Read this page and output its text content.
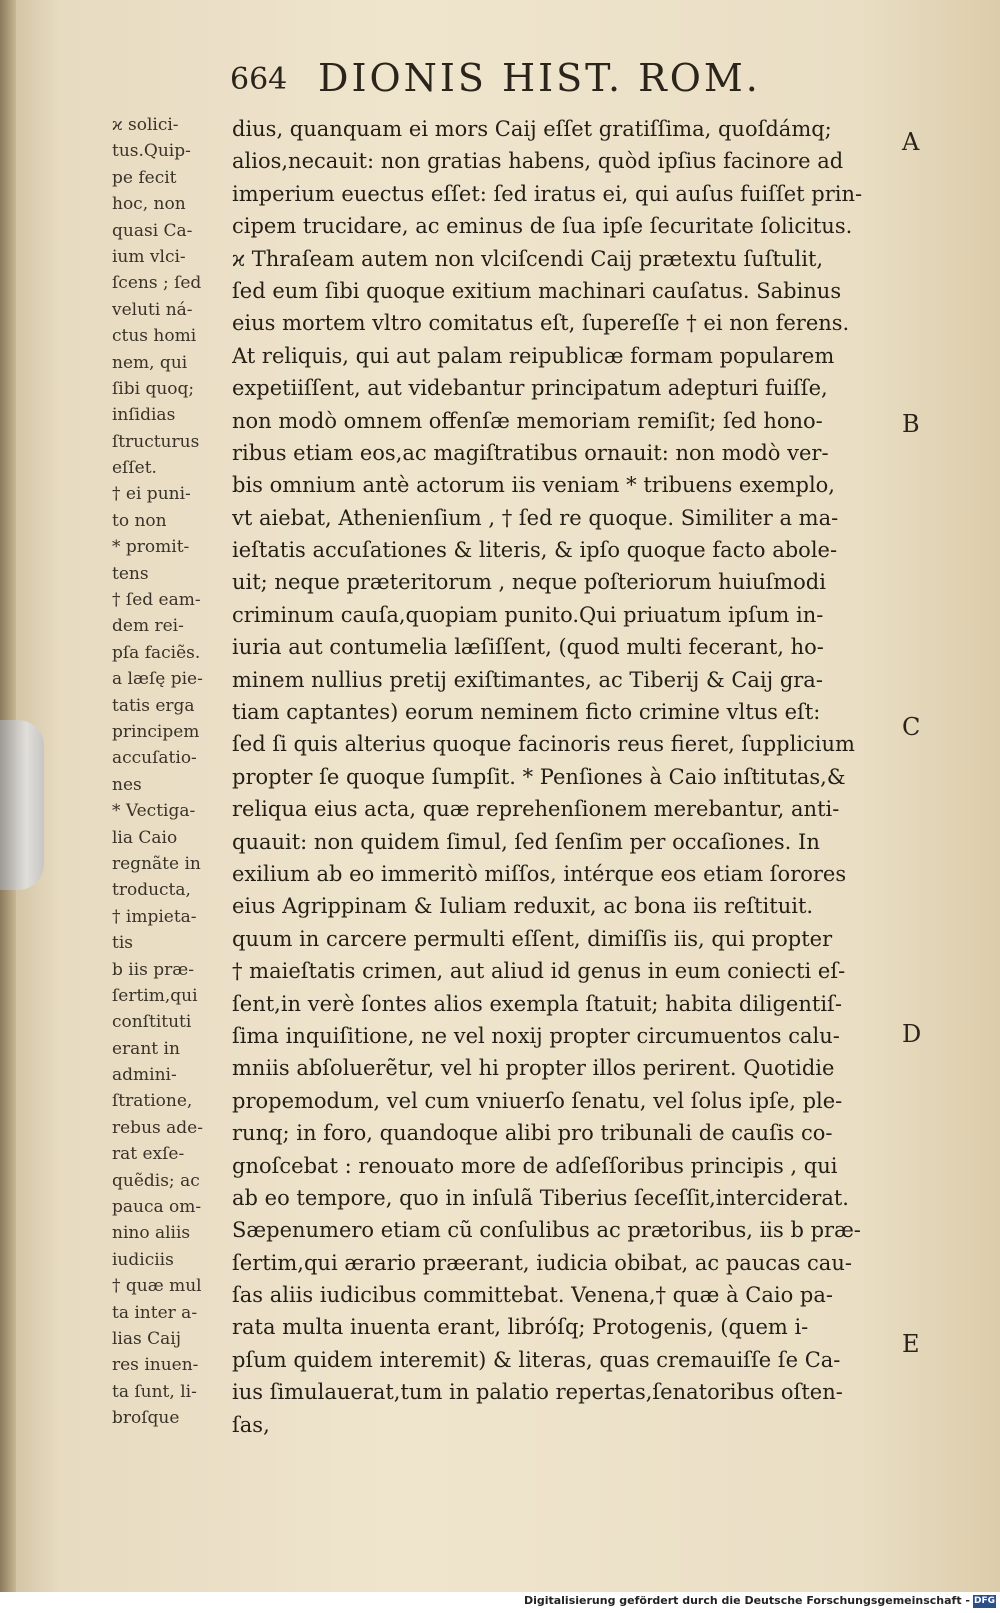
664 DIONIS HIST. ROM.
ϰ solici-
tus.Quip-
pe fecit
hoc, non
quasi Ca-
ium vlci-
ſcens ; ſed
veluti ná-
ctus homi
nem, qui
ſibi quoq;
inſidias
ſtructurus
eſſet.
† ei puni-
to non
* promit-
tens
† ſed eam-
dem rei-
pſa faciẽs.
a læſę pie-
tatis erga
principem
accuſatio-
nes
* Vectiga-
lia Caio
regnãte in
troducta,
† impieta-
tis
b iis præ-
ſertim,qui
conſtituti
erant in
admini-
ſtratione,
rebus ade-
rat exſe-
quẽdis; ac
pauca om-
nino aliis
iudiciis
† quæ mul
ta inter a-
lias Caij
res inuen-
ta ſunt, li-
broſque
dius, quanquam ei mors Caij eſſet gratiſſima, quoſdámq;
alios,necauit: non gratias habens, quòd ipſius facinore ad
imperium euectus eſſet: ſed iratus ei, qui auſus fuiſſet prin-
cipem trucidare, ac eminus de ſua ipſe ſecuritate ſolicitus.
ϰ Thraſeam autem non vlciſcendi Caij prætextu ſuſtulit,
ſed eum ſibi quoque exitium machinari cauſatus. Sabinus
eius mortem vltro comitatus eſt, ſupereſſe † ei non ferens.
At reliquis, qui aut palam reipublicæ formam popularem
expetiiſſent, aut videbantur principatum adepturi fuiſſe,
non modò omnem offenſæ memoriam remiſit; ſed hono-
ribus etiam eos,ac magiſtratibus ornauit: non modò ver-
bis omnium antè actorum iis veniam * tribuens exemplo,
vt aiebat, Athenienſium , † ſed re quoque. Similiter a ma-
ieſtatis accuſationes & literis, & ipſo quoque facto abole-
uit; neque præteritorum , neque poſteriorum huiuſmodi
criminum cauſa,quopiam punito.Qui priuatum ipſum in-
iuria aut contumelia læſiſſent, (quod multi fecerant, ho-
minem nullius pretij exiſtimantes, ac Tiberij & Caij gra-
tiam captantes) eorum neminem ficto crimine vltus eſt:
ſed ſi quis alterius quoque facinoris reus fieret, ſupplicium
propter ſe quoque ſumpſit. * Penſiones à Caio inſtitutas,&
reliqua eius acta, quæ reprehenſionem merebantur, anti-
quauit: non quidem ſimul, ſed ſenſim per occaſiones. In
exilium ab eo immeritò miſſos, intérque eos etiam ſorores
eius Agrippinam & Iuliam reduxit, ac bona iis reſtituit.
quum in carcere permulti eſſent, dimiſſis iis, qui propter
† maieſtatis crimen, aut aliud id genus in eum coniecti eſ-
ſent,in verè ſontes alios exempla ſtatuit; habita diligentiſ-
ſima inquiſitione, ne vel noxij propter circumuentos calu-
mniis abſoluerẽtur, vel hi propter illos perirent. Quotidie
propemodum, vel cum vniuerſo ſenatu, vel ſolus ipſe, ple-
runq; in foro, quandoque alibi pro tribunali de cauſis co-
gnoſcebat : renouato more de adſeſſoribus principis , qui
ab eo tempore, quo in inſulã Tiberius ſeceſſit,interciderat.
Sæpenumero etiam cũ conſulibus ac prætoribus, iis b præ-
ſertim,qui ærario præerant, iudicia obibat, ac paucas cau-
ſas aliis iudicibus committebat. Venena,† quæ à Caio pa-
rata multa inuenta erant, libróſq; Protogenis, (quem i-
pſum quidem interemit) & literas, quas cremauiſſe ſe Ca-
ius ſimulauerat,tum in palatio repertas,ſenatoribus oſten-
ſas,
A
B
C
D
E
Digitalisierung gefördert durch die Deutsche Forschungsgemeinschaft - DFG
